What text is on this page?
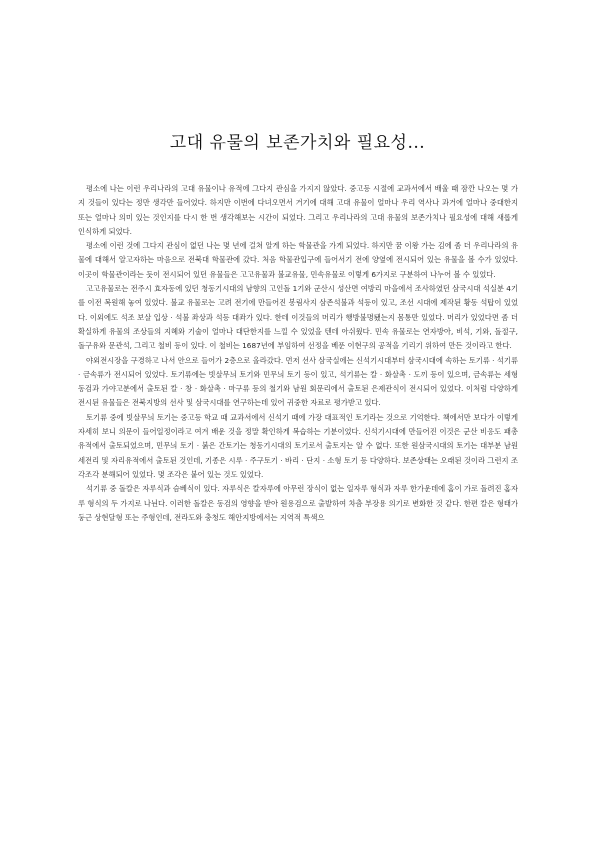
고대 유물의 보존가치와 필요성...

평소에 나는 이런 우리나라의 고대 유물이나 유적에 그다지 관심을 가지지 않았다. 중고등 시절에 교과서에서 배울 때 잠깐 나오는 몇 가지 것들이 있다는 정만 생각만 들어었다. 하지만 이번에 다녀오면서 거기에 대해 고대 유물이 얼마나 우리 역사나 과거에 얼마나 중대한지 또는 얼마나 의미 있는 것인지를 다시 한 번 생각해보는 시간이 되었다. 그리고 우리나라의 고대 유물의 보존가치나 필요성에 대해 새롭게 인식하게 되었다.

평소에 이런 것에 그다지 관심이 없던 나는 몇 년에 걸쳐 알게 하는 학물관을 가게 되었다. 하지만 꿈 이왕 가는 김에 좀 더 우리나라의 유물에 대해서 알고자하는 마음으로 전북대 학물관에 갔다. 처음 학물관입구에 들어서기 전에 양옆에 전시되어 있는 유물을 볼 수가 있었다. 이곳이 학물관이라는 듯이 전시되어 있던 유물들은 고고유물과 불교유물, 민속유물로 이렇게 6가지로 구분하여 나누어 볼 수 있었다.

고고유물로는 전주시 효자동에 있던 청동기시대의 남향의 고인돌 1기와 군산시 성산면 여방리 마을에서 조사하였던 삼국시대 석실분 4기를 이전 복원해 놓여 있었다. 불교 유물로는 고려 전기에 만들어진 봉림사지 삼존석불과 석등이 있고, 조선 시대에 제작된 황동 석탑이 있었다. 이외에도 석조 보살 입상 · 석불 좌상과 석등 대좌가 있다. 한데 이것들의 머리가 행방불명됐는지 몸통만 있었다. 머리가 있었다면 좀 더 확실하게 유물의 조상들의 지혜와 기술이 얼마나 대단한지를 느낄 수 있었을 텐데 아쉬웠다. 민속 유물로는 연자방아, 비석, 기와, 돌절구, 돌구유와 문관석, 그리고 철비 등이 있다. 이 철비는 1687년에 부임하여 선정을 베푼 이현구의 공적을 기리기 위하여 만든 것이라고 한다.

야외전시장을 구경하고 나서 안으로 들어가 2층으로 올라갔다. 먼저 선사 삼국실에는 신석기시대부터 삼국시대에 속하는 토기류 · 석기류 · 금속류가 전시되어 있었다. 토기류에는 빗살무늬 토기와 민무늬 토기 등이 있고, 석기류는 칼 · 화살촉 · 도끼 등이 있으며, 금속류는 세형동검과 가야고분에서 출토된 칼 · 창 · 화살촉 · 마구류 등의 철기와 남원 회문리에서 출토된 은제관식이 전시되어 있었다. 이처럼 다양하게 전시된 유물들은 전북지방의 선사 및 삼국시대를 연구하는데 있어 귀중한 자료로 평가받고 있다.

토기류 중에 빗살무늬 토기는 중고등 학교 때 교과서에서 신석기 때에 가장 대표적인 토기라는 것으로 기억한다. 책에서만 보다가 이렇게 자세히 보니 의문이 들어일정이라고 여겨 배운 것을 정말 확인하게 복습하는 기분이었다. 신석기시대에 만들어진 이것은 군산 비응도 패총유적에서 출토되었으며, 민무늬 토기 · 붉은 간토기는 청동기시대의 토기로서 출토지는 알 수 없다. 또한 원삼국시대의 토기는 대부분 남원 세전리 및 자리유적에서 출토된 것인데, 기종은 시루 · 주구토기 · 바리 · 단지 · 소형 토기 등 다양하다. 보존상태는 오래된 것이라 그런지 조각조각 분해되어 있었다. 몇 조각은 붙어 있는 것도 있었다.

석기류 중 돌칼은 자루식과 슴베식이 있다. 자루식은 칼자루에 아무런 장식이 없는 일자루 형식과 자루 한가운데에 홈이 가로 돌려진 홈자루 형식의 두 가지로 나뉜다. 이러한 돌칼은 동검의 영향을 받아 원용검으로 출발하여 차츰 부장용 의기로 변화한 것 같다. 한편 칼은 형태가 둥근 상현달형 또는 주형인데, 전라도와 충청도 해안지방에서는 지역적 특색으
